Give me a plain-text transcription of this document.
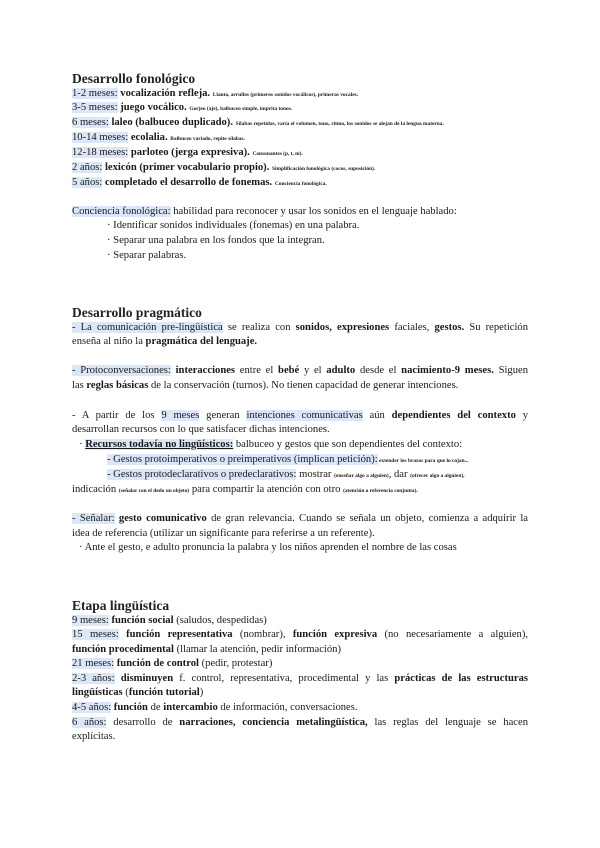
Desarrollo fonológico
1-2 meses: vocalización refleja. Llanto, arrullos (primeros sonidos vocálicos), primeras vocales.
3-5 meses: juego vocálico. Gorjeo (aje), balbuceo simple, imprita tonos.
6 meses: laleo (balbuceo duplicado). Sílabas repetidas, varía el volumen, tono, ritmo, los sonidos se alejan de la lengua materna.
10-14 meses: ecolalia. Balbuceo variado, repite sílabas.
12-18 meses: parloteo (jerga expresiva). Consonantes (p, t, m).
2 años: lexicón (primer vocabulario propio). Simplificación fonológica (cocos, suposición).
5 años: completado el desarrollo de fonemas. Conciencia fonológica.
Conciencia fonológica: habilidad para reconocer y usar los sonidos en el lenguaje hablado:
· Identificar sonidos individuales (fonemas) en una palabra.
· Separar una palabra en los fondos que la integran.
· Separar palabras.
Desarrollo pragmático
- La comunicación pre-lingüística se realiza con sonidos, expresiones faciales, gestos. Su repetición
enseña al niño la pragmática del lenguaje.
- Protoconversaciones: interacciones entre el bebé y el adulto desde el nacimiento-9 meses. Siguen
las reglas básicas de la conservación (turnos). No tienen capacidad de generar intenciones.
- A partir de los 9 meses generan intenciones comunicativas aún dependientes del contexto y
desarrollan recursos con lo que satisfacer dichas intenciones.
· Recursos todavía no lingüísticos: balbuceo y gestos que son dependientes del contexto:
- Gestos protoimperativos o preimperativos (implican petición): extender los brazos para que lo cojan...
- Gestos protodeclarativos o predeclarativos: mostrar (enseñar algo a alguien), dar (ofrecer algo a alguien),
indicación (señalar con el dedo un objeto) para compartir la atención con otro (atención o referencia conjunta).
- Señalar: gesto comunicativo de gran relevancia. Cuando se señala un objeto, comienza a adquirir la
idea de referencia (utilizar un significante para referirse a un referente).
· Ante el gesto, e adulto pronuncia la palabra y los niños aprenden el nombre de las cosas
Etapa lingüística
9 meses: función social (saludos, despedidas)
15 meses: función representativa (nombrar), función expresiva (no necesariamente a alguien),
función procedimental (llamar la atención, pedir información)
21 meses: función de control (pedir, protestar)
2-3 años: disminuyen f. control, representativa, procedimental y las prácticas de las estructuras
lingüísticas (función tutorial)
4-5 años: función de intercambio de información, conversaciones.
6 años: desarrollo de narraciones, conciencia metalingüística, las reglas del lenguaje se hacen
explícitas.
